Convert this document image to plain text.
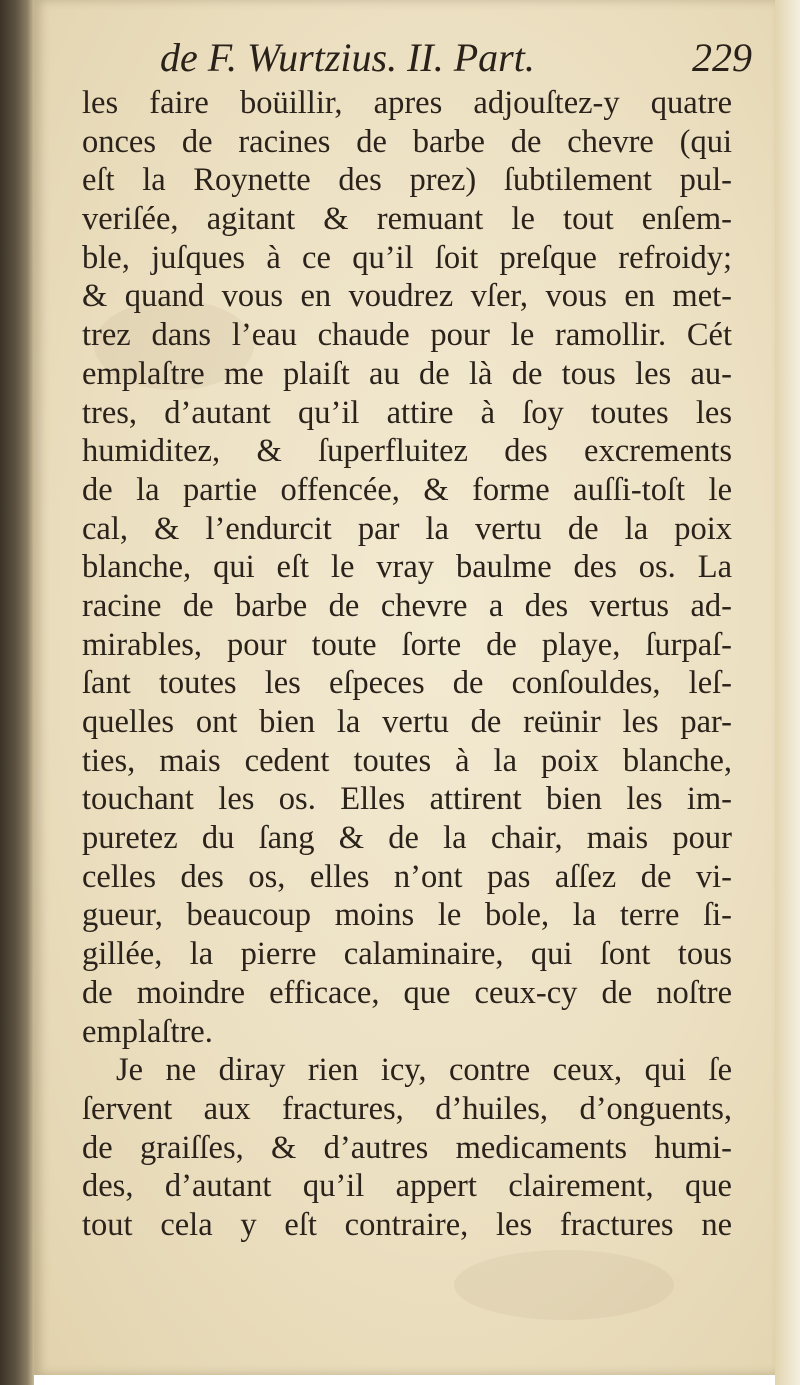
de F. Wurtzius. II. Part.	229
les faire boüillir, apres adjouſtez-y quatre
onces de racines de barbe de chevre (qui
eſt la Roynette des prez) ſubtilement pul-
veriſée, agitant & remuant le tout enſem-
ble, juſques à ce qu’il ſoit preſque refroidy;
& quand vous en voudrez vſer, vous en met-
trez dans l’eau chaude pour le ramollir. Cét
emplaſtre me plaiſt au de là de tous les au-
tres, d’autant qu’il attire à ſoy toutes les
humiditez, & ſuperfluitez des excrements
de la partie offencée, & forme auſſi-toſt le
cal, & l’endurcit par la vertu de la poix
blanche, qui eſt le vray baulme des os. La
racine de barbe de chevre a des vertus ad-
mirables, pour toute ſorte de playe, ſurpaſ-
ſant toutes les eſpeces de conſouldes, leſ-
quelles ont bien la vertu de reünir les par-
ties, mais cedent toutes à la poix blanche,
touchant les os. Elles attirent bien les im-
puretez du ſang & de la chair, mais pour
celles des os, elles n’ont pas aſſez de vi-
gueur, beaucoup moins le bole, la terre ſi-
gillée, la pierre calaminaire, qui ſont tous
de moindre efficace, que ceux-cy de noſtre
emplaſtre.
Je ne diray rien icy, contre ceux, qui ſe
ſervent aux fractures, d’huiles, d’onguents,
de graiſſes, & d’autres medicaments humi-
des, d’autant qu’il appert clairement, que
tout cela y eſt contraire, les fractures ne
